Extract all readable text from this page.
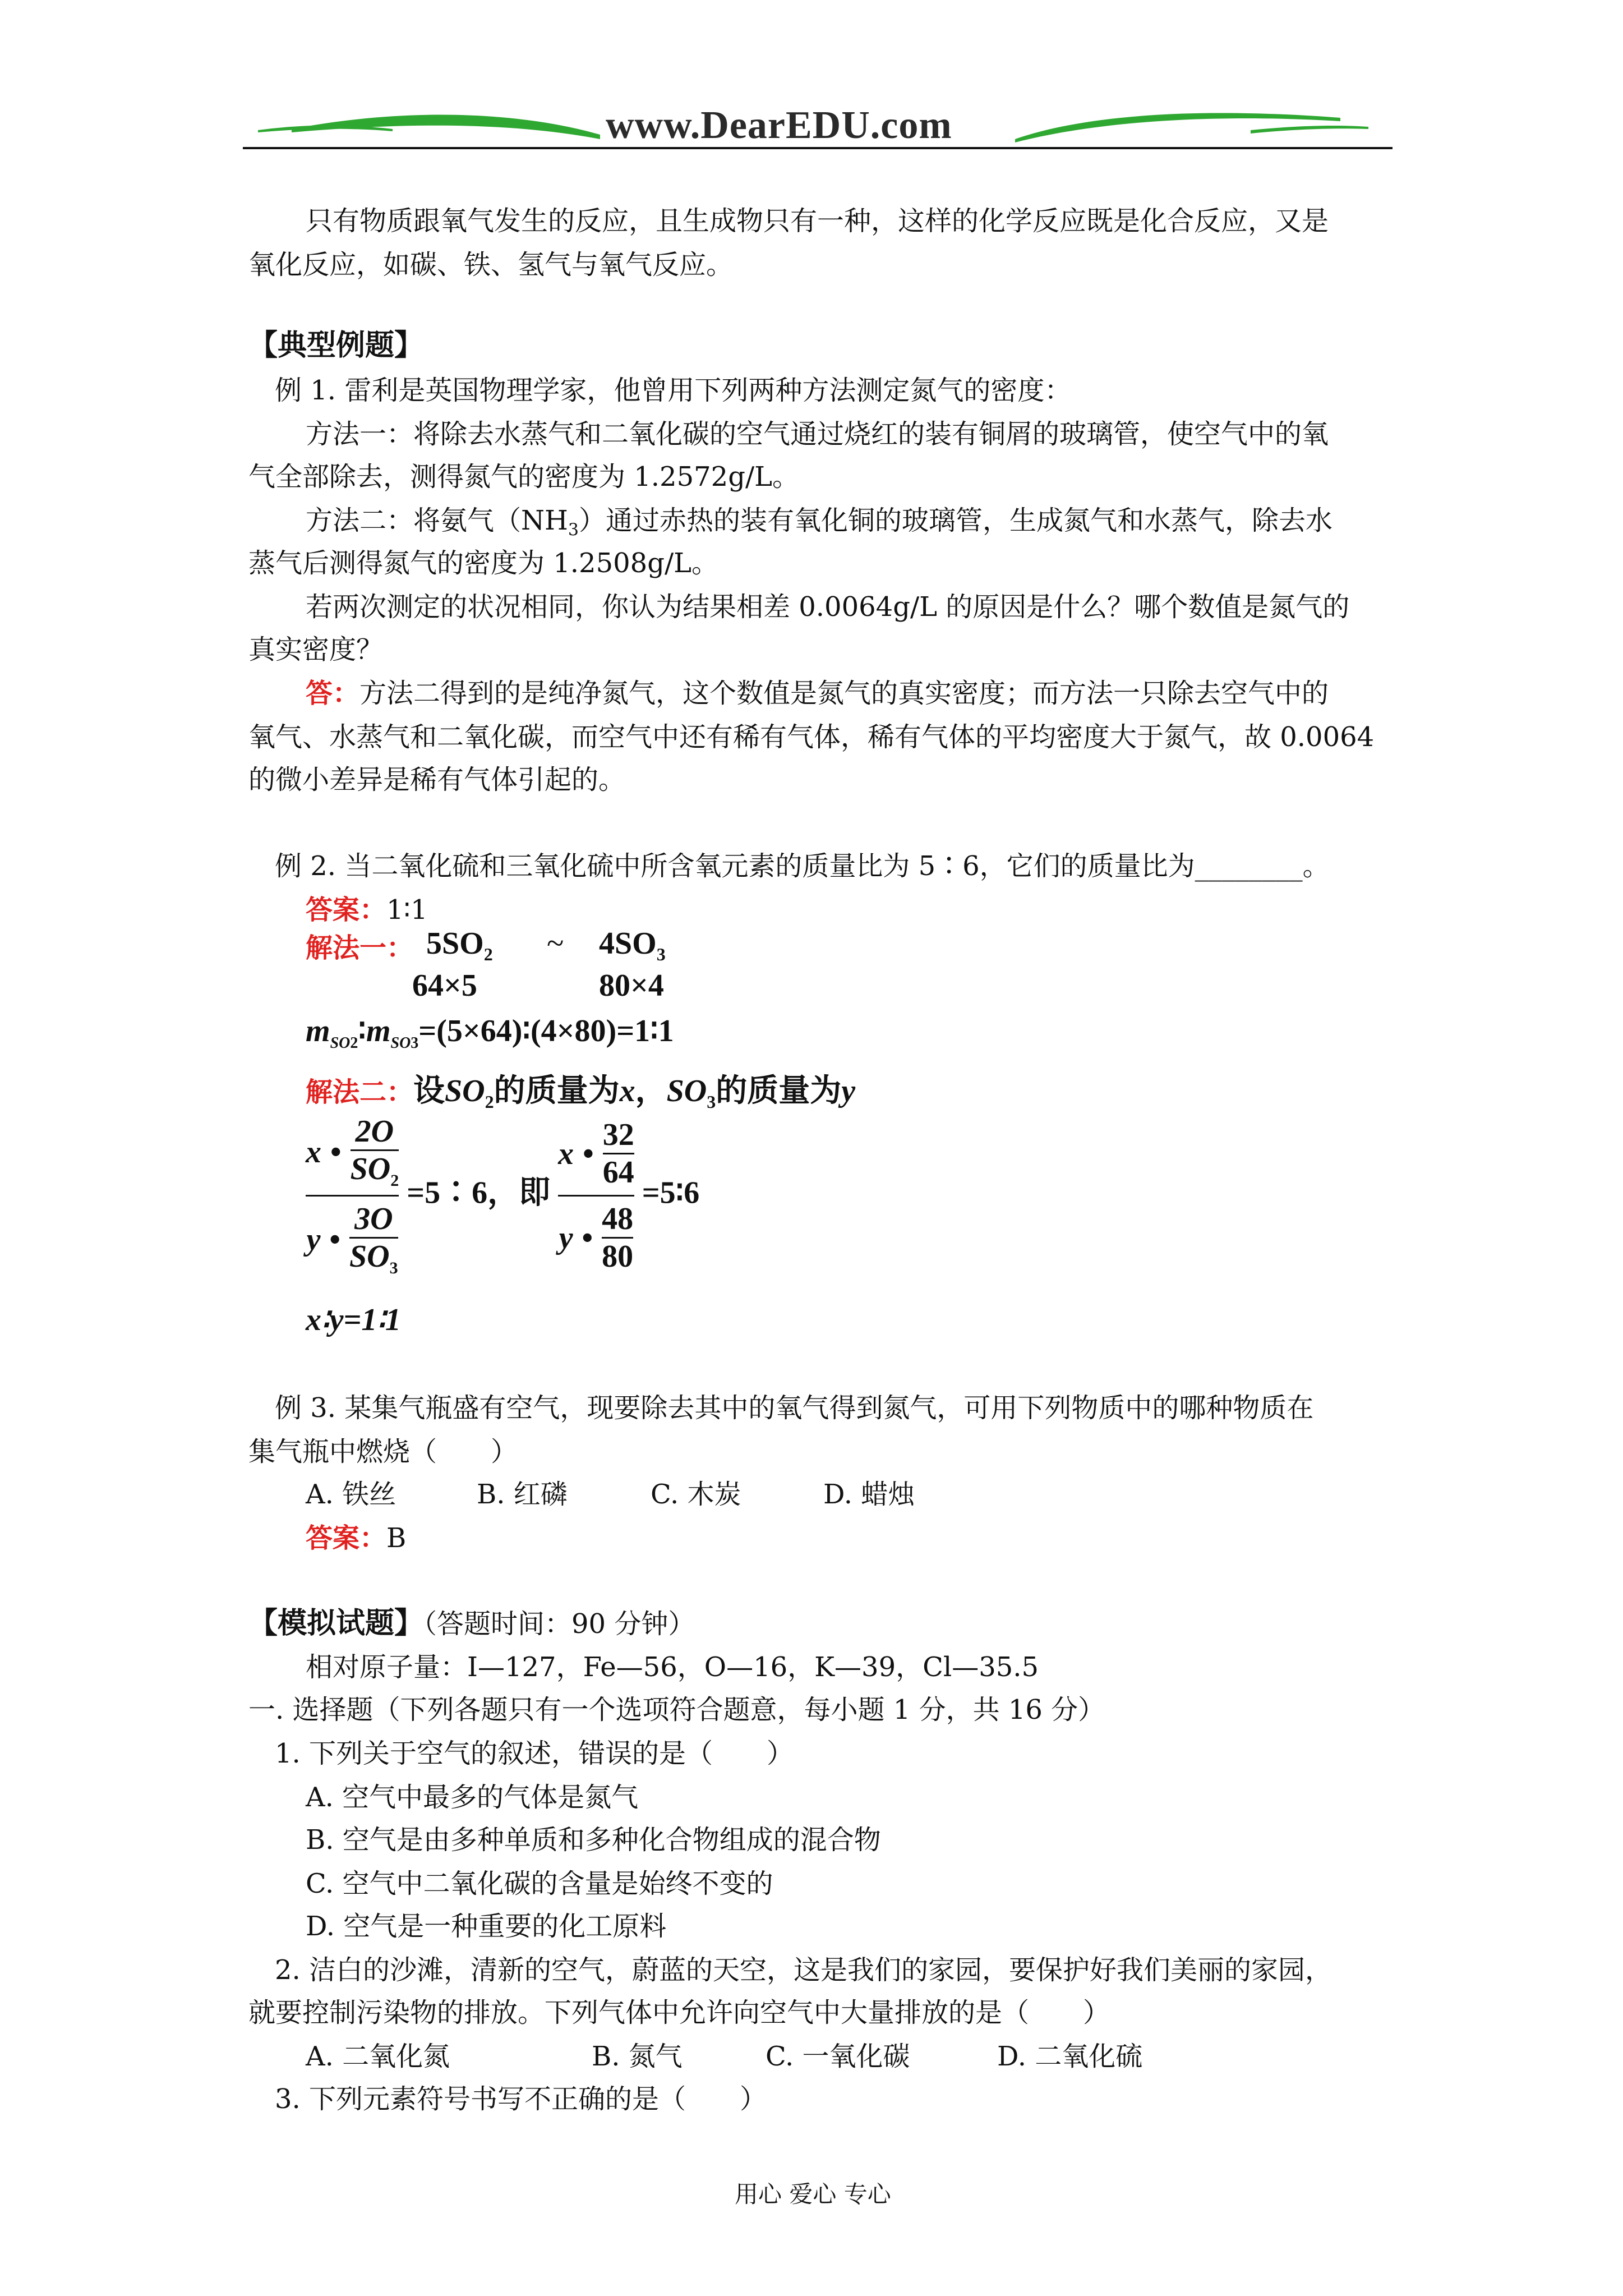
www.DearEDU.com
只有物质跟氧气发生的反应，且生成物只有一种，这样的化学反应既是化合反应，又是
氧化反应，如碳、铁、氢气与氧气反应。
【典型例题】
例 1. 雷利是英国物理学家，他曾用下列两种方法测定氮气的密度：
方法一：将除去水蒸气和二氧化碳的空气通过烧红的装有铜屑的玻璃管，使空气中的氧
气全部除去，测得氮气的密度为 1.2572g/L。
方法二：将氨气$(NH_3)$通过赤热的装有氧化铜的玻璃管，生成氮气和水蒸气，除去水
蒸气后测得氮气的密度为 1.2508g/L。
若两次测定的状况相同，你认为结果相差 0.0064g/L 的原因是什么？哪个数值是氮气的
真实密度？
答：方法二得到的是纯净氮气，这个数值是氮气的真实密度；而方法一只除去空气中的
氧气、水蒸气和二氧化碳，而空气中还有稀有气体，稀有气体的平均密度大于氮气，故 0.0064
的微小差异是稀有气体引起的。
例 2. 当二氧化硫和三氧化硫中所含氧元素的质量比为 5∶6，它们的质量比为________。
答案：1∶1
解法一： $5SO_2$ ~ $4SO_3$
64×5	80×4
$m_{SO2}∶m_{SO3}=(5\times 64)∶(4\times 80)=1∶1$
解法二：设$SO_2$的质量为x，$SO_3$的质量为y
$\frac{x • \frac{2O}{SO_2}}{y • \frac{3O}{SO_3}}$ =5∶6，即 $\frac{x • \frac{32}{64}}{y • \frac{48}{80}}$ =5∶6
x∶y=1∶1
例 3. 某集气瓶盛有空气，现要除去其中的氧气得到氮气，可用下列物质中的哪种物质在
集气瓶中燃烧（　　）
A. 铁丝	B. 红磷	C. 木炭	D. 蜡烛
答案：B
【模拟试题】（答题时间：90 分钟）
相对原子量：I—127，Fe—56，O—16，K—39，Cl—35.5
一. 选择题（下列各题只有一个选项符合题意，每小题 1 分，共 16 分）
1. 下列关于空气的叙述，错误的是（　　）
A. 空气中最多的气体是氮气
B. 空气是由多种单质和多种化合物组成的混合物
C. 空气中二氧化碳的含量是始终不变的
D. 空气是一种重要的化工原料
2. 洁白的沙滩，清新的空气，蔚蓝的天空，这是我们的家园，要保护好我们美丽的家园，
就要控制污染物的排放。下列气体中允许向空气中大量排放的是（　　）
A. 二氧化氮	B. 氮气	C. 一氧化碳	D. 二氧化硫
3. 下列元素符号书写不正确的是（　　）
用心 爱心 专心
